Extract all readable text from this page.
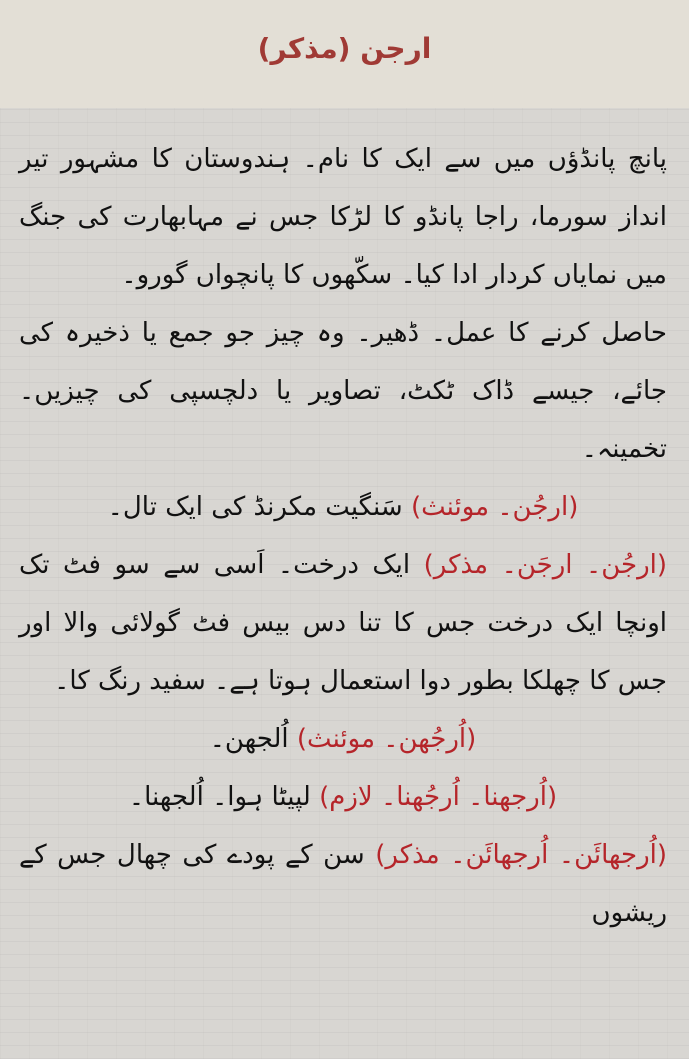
ارجن (مذکر)

پانچ پانڈؤں میں سے ایک کا نام۔ ہندوستان کا مشہور تیر انداز سورما، راجا پانڈو کا لڑکا جس نے مہابھارت کی جنگ میں نمایاں کردار ادا کیا۔ سکّھوں کا پانچواں گورو۔

حاصل کرنے کا عمل۔ ڈھیر۔ وہ چیز جو جمع یا ذخیرہ کی جائے، جیسے ڈاک ٹکٹ، تصاویر یا دلچسپی کی چیزیں۔ تخمینہ۔

(ارجُن۔ موئنث) سَنگیت مکرنڈ کی ایک تال۔

(ارجُن۔ ارجَن۔ مذکر) ایک درخت۔ اَسی سے سو فٹ تک اونچا ایک درخت جس کا تنا دس بیس فٹ گولائی والا اور جس کا چھلکا بطور دوا استعمال ہوتا ہے۔ سفید رنگ کا۔

(اُرجُھن۔ موئنث) اُلجھن۔

(اُرجھنا۔ اُرجُھنا۔ لازم) لپیٹا ہوا۔ اُلجھنا۔

(اُرجھائَن۔ اُرجھائَن۔ مذکر) سن کے پودے کی چھال جس کے ریشوں
